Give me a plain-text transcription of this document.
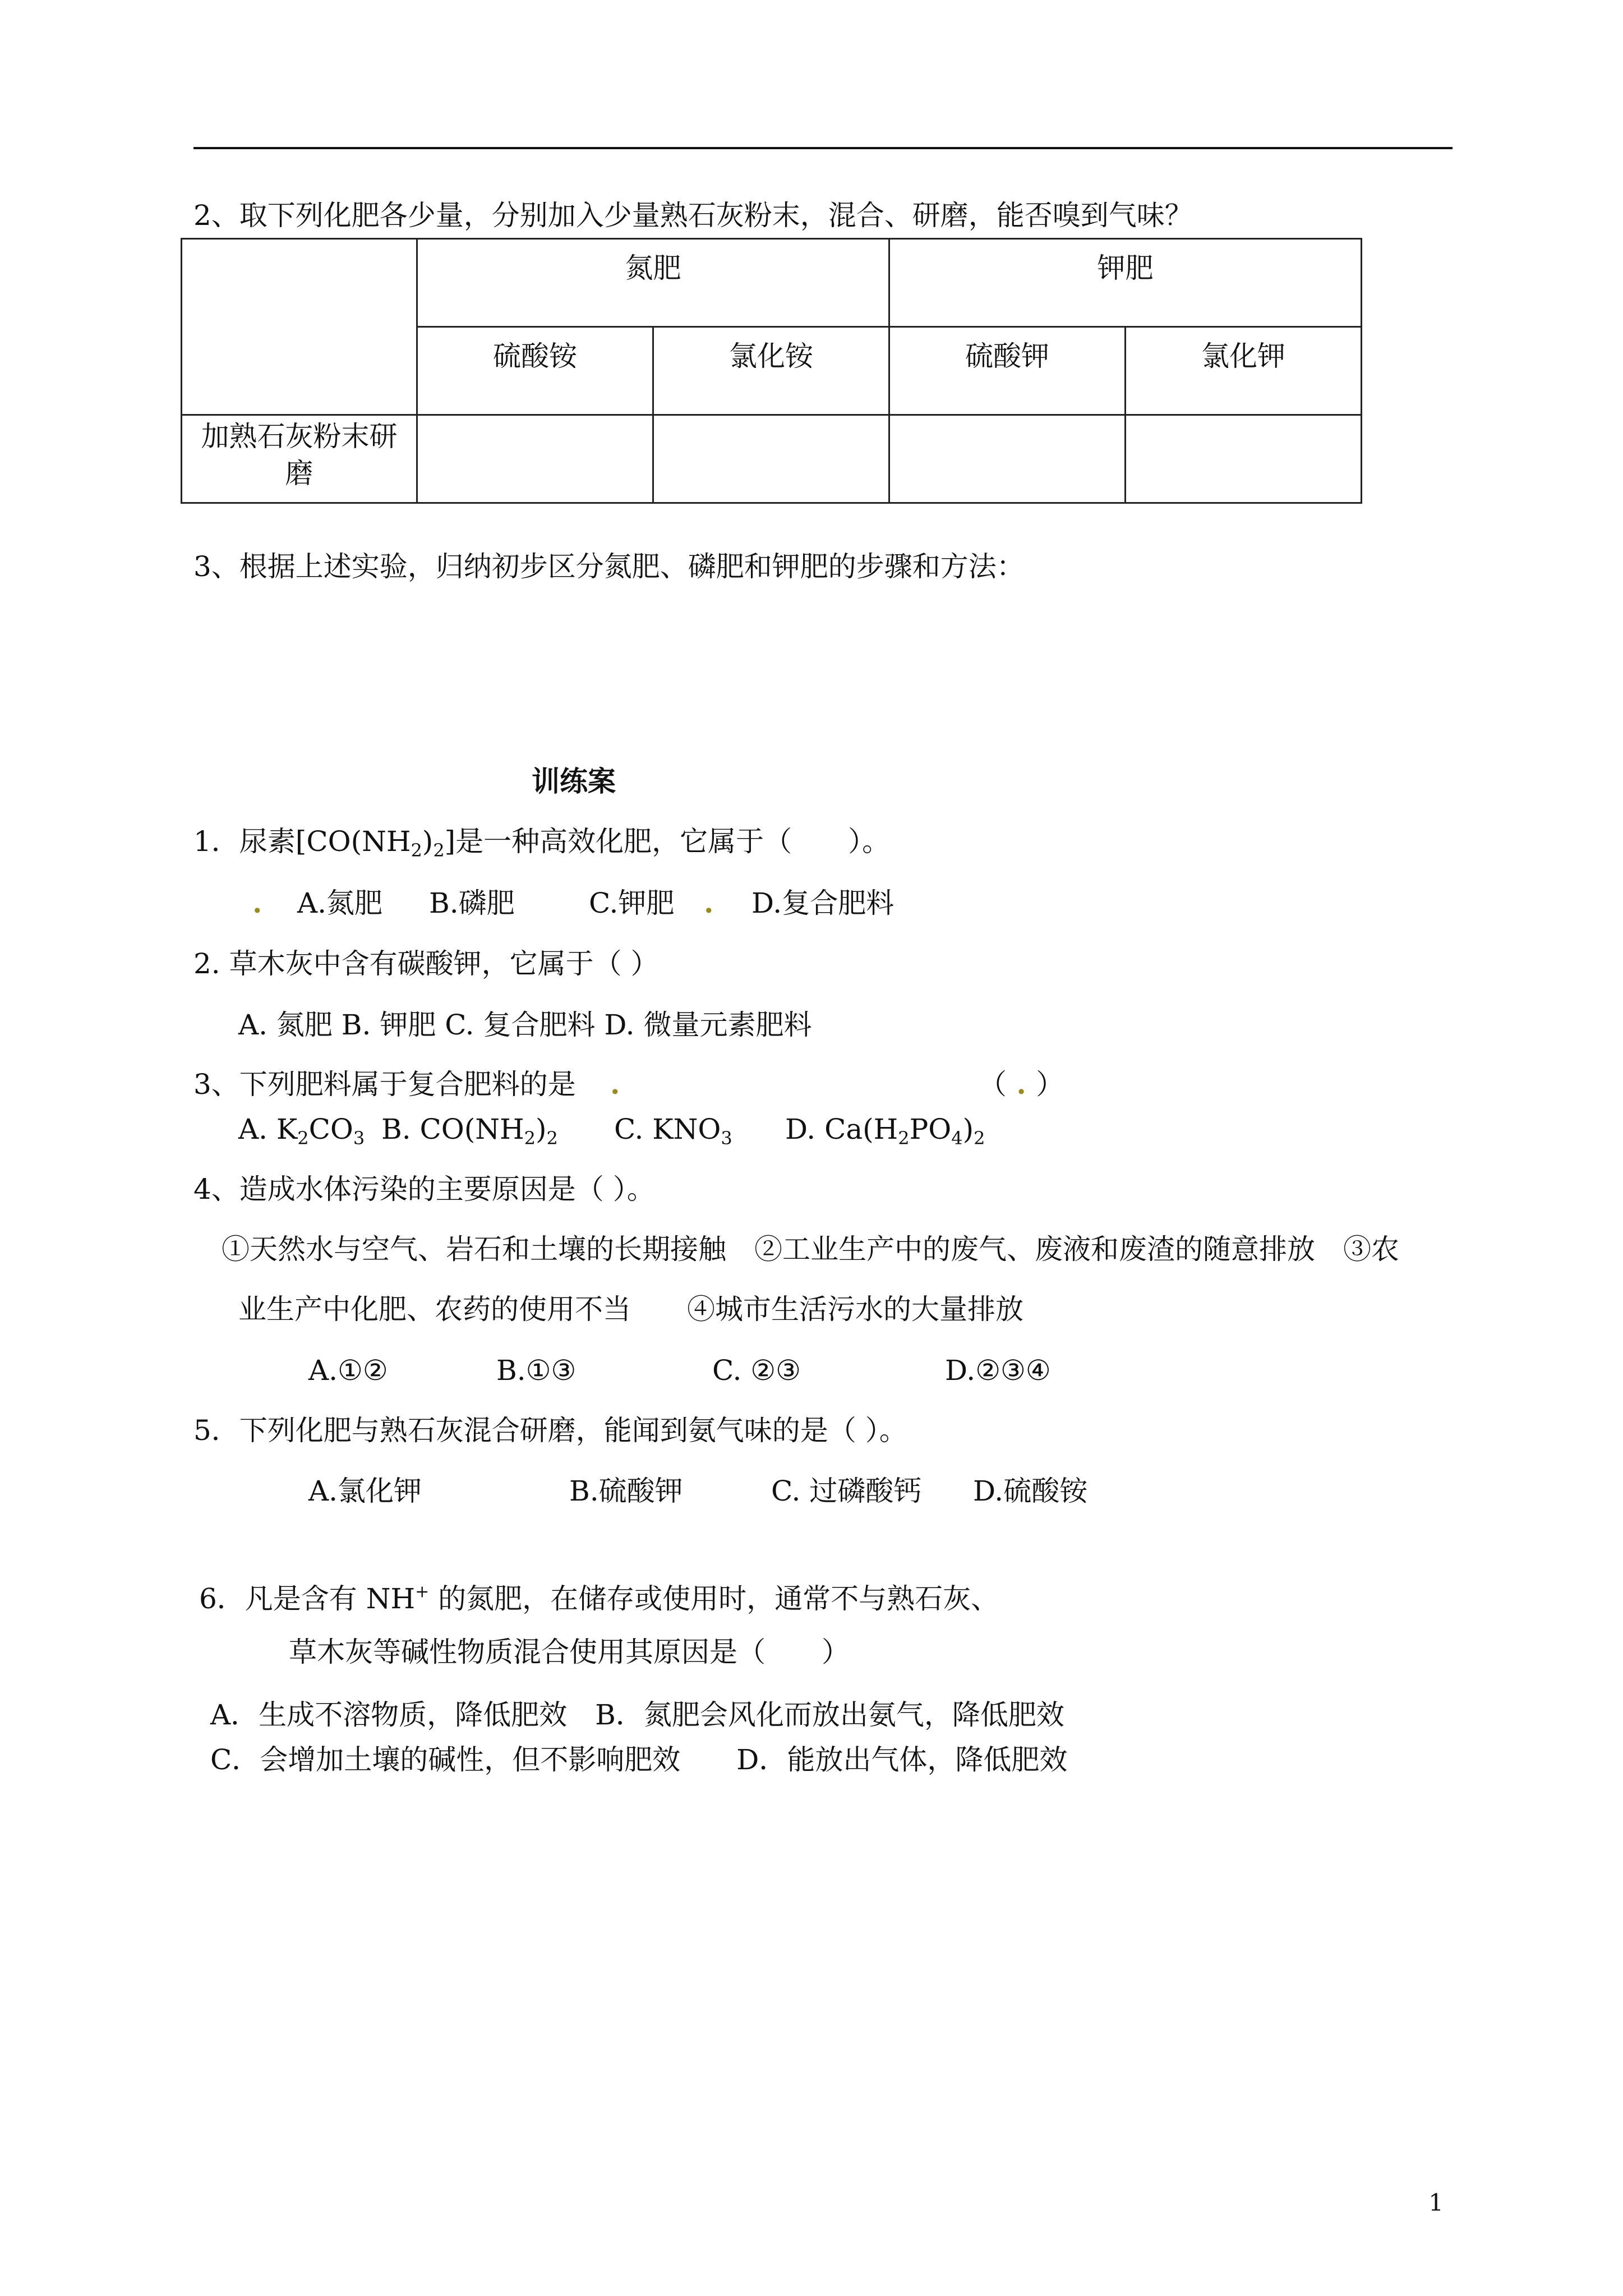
2、取下列化肥各少量，分别加入少量熟石灰粉末，混合、研磨，能否嗅到气味？
	氮肥		钾肥	
	硫酸铵	氯化铵	硫酸钾	氯化钾
加熟石灰粉末研磨				
3、根据上述实验，归纳初步区分氮肥、磷肥和钾肥的步骤和方法：
训练案
1．尿素$[CO(NH_2)_2]$是一种高效化肥，它属于（　　）。
. A.氮肥 B.磷肥	C.钾肥 . D.复合肥料
2. 草木灰中含有碳酸钾，它属于（ ）
A. 氮肥 B. 钾肥 C. 复合肥料 D. 微量元素肥料
3、下列肥料属于复合肥料的是 .	（ . ）
A. $K_2CO_3$ B. $CO(NH_2)_2$ C. $KNO_3$ D. $Ca(H_2PO_4)_2$
4、造成水体污染的主要原因是（ ）。
①天然水与空气、岩石和土壤的长期接触　②工业生产中的废气、废液和废渣的随意排放　③农
业生产中化肥、农药的使用不当　　④城市生活污水的大量排放
A.①②	B.①③	C. ②③	D.②③④
5．下列化肥与熟石灰混合研磨，能闻到氨气味的是（ ）。
A.氯化钾	B.硫酸钾	C. 过磷酸钙 D.硫酸铵
6．凡是含有 NH+ 的氮肥，在储存或使用时，通常不与熟石灰、
草木灰等碱性物质混合使用其原因是（　　）
A．生成不溶物质，降低肥效　B．氮肥会风化而放出氨气，降低肥效
C．会增加土壤的碱性，但不影响肥效　　D．能放出气体，降低肥效
1
